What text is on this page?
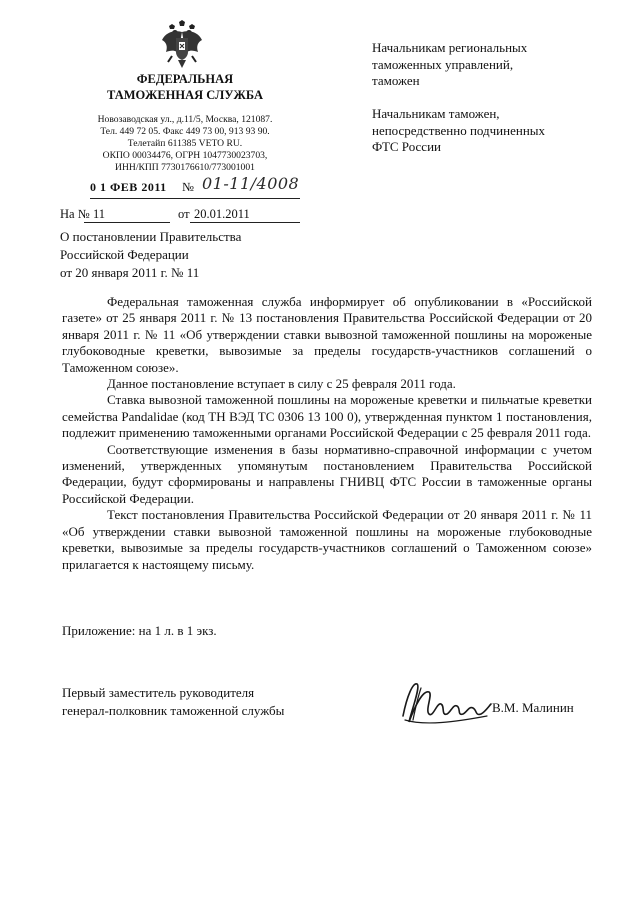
ФЕДЕРАЛЬНАЯ
ТАМОЖЕННАЯ СЛУЖБА
Новозаводская ул., д.11/5, Москва, 121087.
Тел. 449 72 05. Факс 449 73 00, 913 93 90.
Телетайп 611385 VETO RU.
ОКПО 00034476, ОГРН 1047730023703,
ИНН/КПП 7730176610/773001001
Начальникам региональных
таможенных управлений,
таможен
Начальникам таможен,
непосредственно подчиненных
ФТС России
0 1 ФЕВ 2011 № 01-11/4008
На № 11	от 20.01.2011
О постановлении Правительства
Российской Федерации
от 20 января 2011 г. № 11

Федеральная таможенная служба информирует об опубликовании в «Российской газете» от 25 января 2011 г. № 13 постановления Правительства Российской Федерации от 20 января 2011 г. № 11 «Об утверждении ставки вывозной таможенной пошлины на мороженые глубоководные креветки, вывозимые за пределы государств-участников соглашений о Таможенном союзе».

Данное постановление вступает в силу с 25 февраля 2011 года.

Ставка вывозной таможенной пошлины на мороженые креветки и пильчатые креветки семейства Pandalidae (код ТН ВЭД ТС 0306 13 100 0), утвержденная пунктом 1 постановления, подлежит применению таможенными органами Российской Федерации с 25 февраля 2011 года.

Соответствующие изменения в базы нормативно-справочной информации с учетом изменений, утвержденных упомянутым постановлением Правительства Российской Федерации, будут сформированы и направлены ГНИВЦ ФТС России в таможенные органы Российской Федерации.

Текст постановления Правительства Российской Федерации от 20 января 2011 г. № 11 «Об утверждении ставки вывозной таможенной пошлины на мороженые глубоководные креветки, вывозимые за пределы государств-участников соглашений о Таможенном союзе» прилагается к настоящему письму.

Приложение: на 1 л. в 1 экз.
Первый заместитель руководителя
генерал-полковник таможенной службы	В.М. Малинин
